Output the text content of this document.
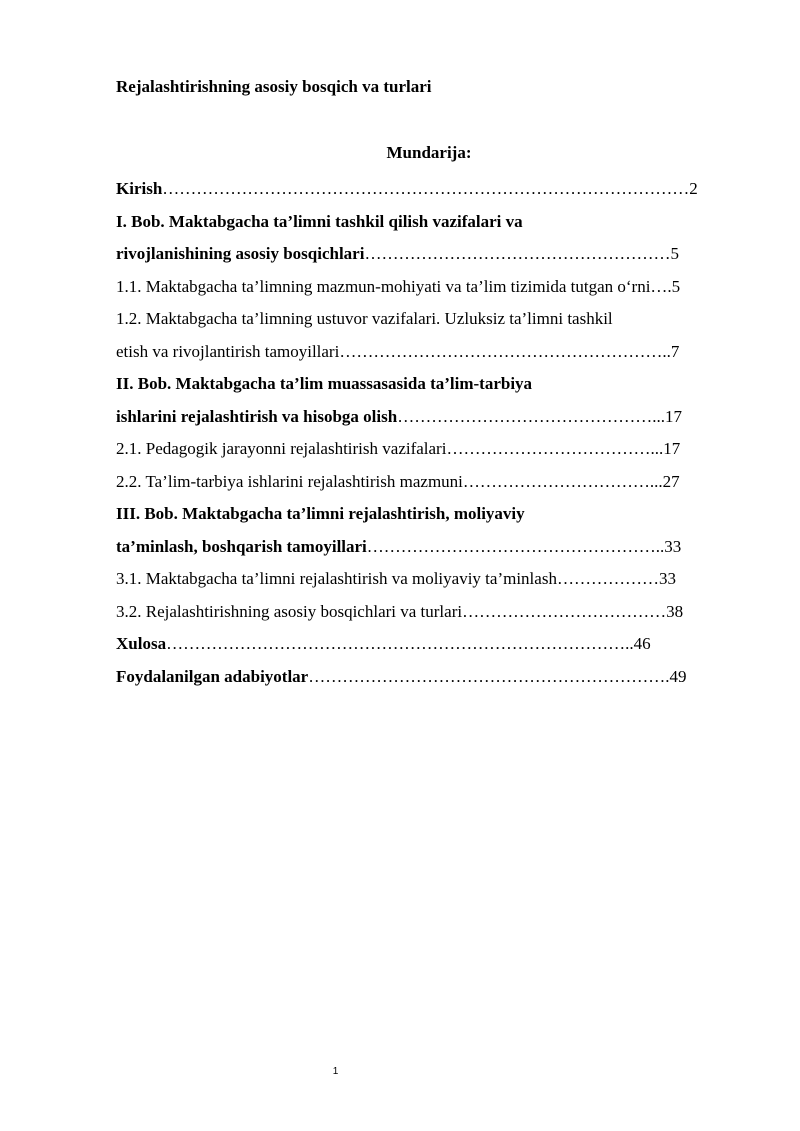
Rejalashtirishning asosiy bosqich va turlari
Mundarija:
Kirish…………………………………………………………………………………2
I. Bob. Maktabgacha ta’limni tashkil qilish vazifalari va
rivojlanishining asosiy bosqichlari………………………………………………5
1.1. Maktabgacha ta’limning mazmun-mohiyati va ta’lim tizimida tutgan o‘rni….5
1.2. Maktabgacha ta’limning ustuvor vazifalari. Uzluksiz ta’limni tashkil
etish va rivojlantirish tamoyillari…………………………………………………..7
II. Bob. Maktabgacha ta’lim muassasasida ta’lim-tarbiya
ishlarini rejalashtirish va hisobga olish………………………………………...17
2.1. Pedagogik jarayonni rejalashtirish vazifalari………………………………...17
2.2. Ta’lim-tarbiya ishlarini rejalashtirish mazmuni……………………………...27
III. Bob. Maktabgacha ta’limni rejalashtirish, moliyaviy
ta’minlash, boshqarish tamoyillari……………………………………………..33
3.1. Maktabgacha ta’limni rejalashtirish va moliyaviy ta’minlash………………33
3.2. Rejalashtirishning asosiy bosqichlari va turlari………………………………38
Xulosa………………………………………………………………………..46
Foydalanilgan adabiyotlar……………………………………………………….49
1
